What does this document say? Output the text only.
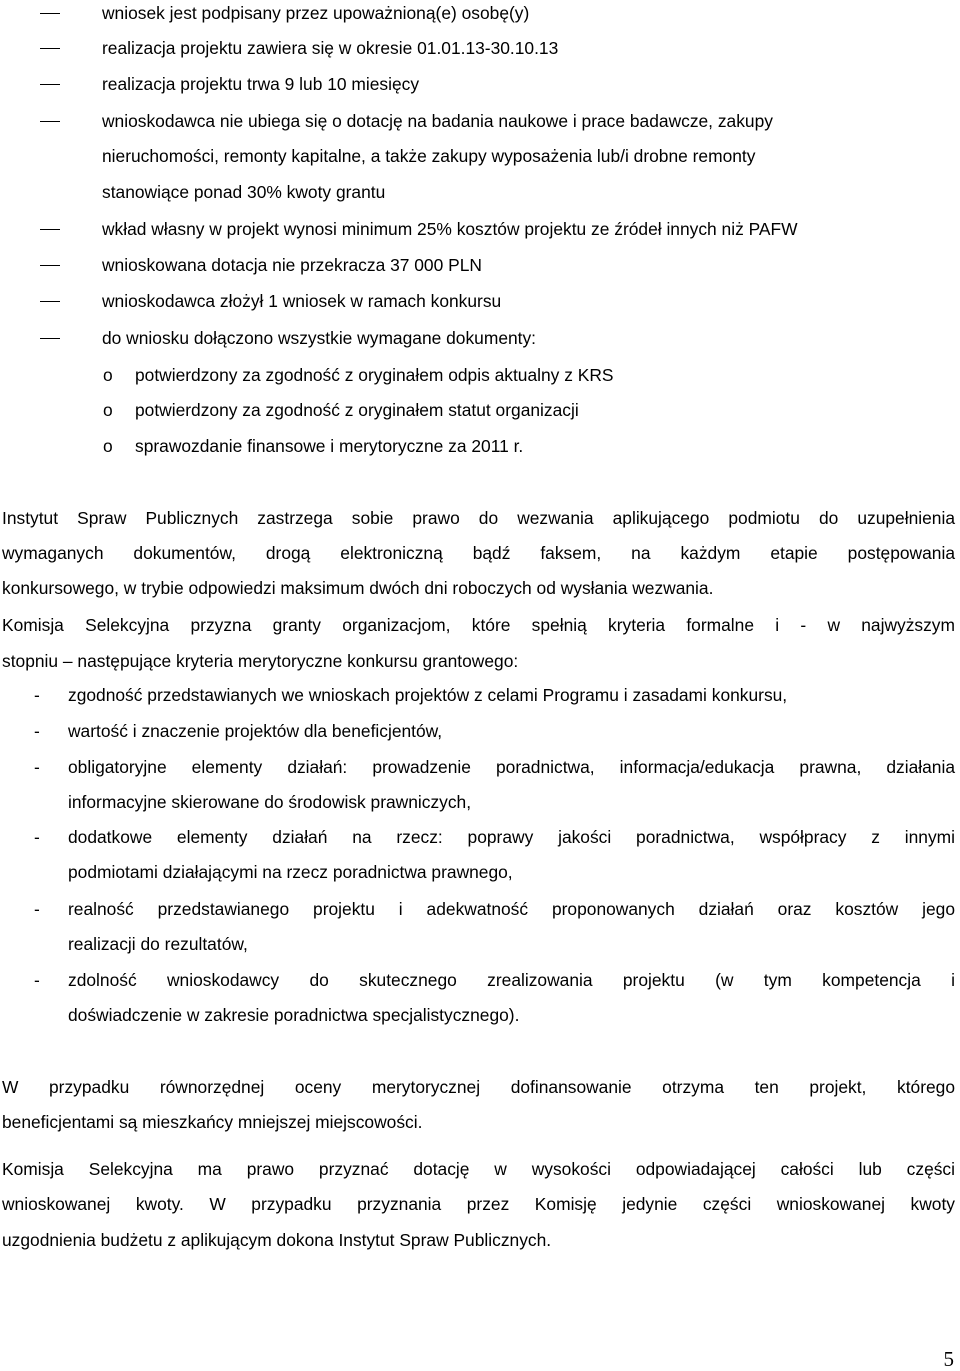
wniosek jest podpisany przez upoważnioną(e) osobę(y)
realizacja projektu zawiera się w okresie 01.01.13-30.10.13
realizacja projektu trwa 9 lub 10 miesięcy
wnioskodawca nie ubiega się o dotację na badania naukowe i prace badawcze, zakupy
nieruchomości, remonty kapitalne, a także zakupy wyposażenia lub/i drobne remonty
stanowiące ponad 30% kwoty grantu
wkład własny w projekt wynosi minimum 25% kosztów projektu ze źródeł innych niż PAFW
wnioskowana dotacja nie przekracza 37 000 PLN
wnioskodawca złożył 1 wniosek w ramach konkursu
do wniosku dołączono wszystkie wymagane dokumenty:
o potwierdzony za zgodność z oryginałem odpis aktualny z KRS
o potwierdzony za zgodność z oryginałem statut organizacji
o sprawozdanie finansowe i merytoryczne za 2011 r.
Instytut Spraw Publicznych zastrzega sobie prawo do wezwania aplikującego podmiotu do uzupełnienia
wymaganych dokumentów, drogą elektroniczną bądź faksem, na każdym etapie postępowania
konkursowego, w trybie odpowiedzi maksimum dwóch dni roboczych od wysłania wezwania.
Komisja Selekcyjna przyzna granty organizacjom, które spełnią kryteria formalne i - w najwyższym
stopniu – następujące kryteria merytoryczne konkursu grantowego:
- zgodność przedstawianych we wnioskach projektów z celami Programu i zasadami konkursu,
- wartość i znaczenie projektów dla beneficjentów,
- obligatoryjne elementy działań: prowadzenie poradnictwa, informacja/edukacja prawna, działania
informacyjne skierowane do środowisk prawniczych,
- dodatkowe elementy działań na rzecz: poprawy jakości poradnictwa, współpracy z innymi
podmiotami działającymi na rzecz poradnictwa prawnego,
- realność przedstawianego projektu i adekwatność proponowanych działań oraz kosztów jego
realizacji do rezultatów,
- zdolność wnioskodawcy do skutecznego zrealizowania projektu (w tym kompetencja i
doświadczenie w zakresie poradnictwa specjalistycznego).
W przypadku równorzędnej oceny merytorycznej dofinansowanie otrzyma ten projekt, którego
beneficjentami są mieszkańcy mniejszej miejscowości.
Komisja Selekcyjna ma prawo przyznać dotację w wysokości odpowiadającej całości lub części
wnioskowanej kwoty. W przypadku przyznania przez Komisję jedynie części wnioskowanej kwoty
uzgodnienia budżetu z aplikującym dokona Instytut Spraw Publicznych.
5
